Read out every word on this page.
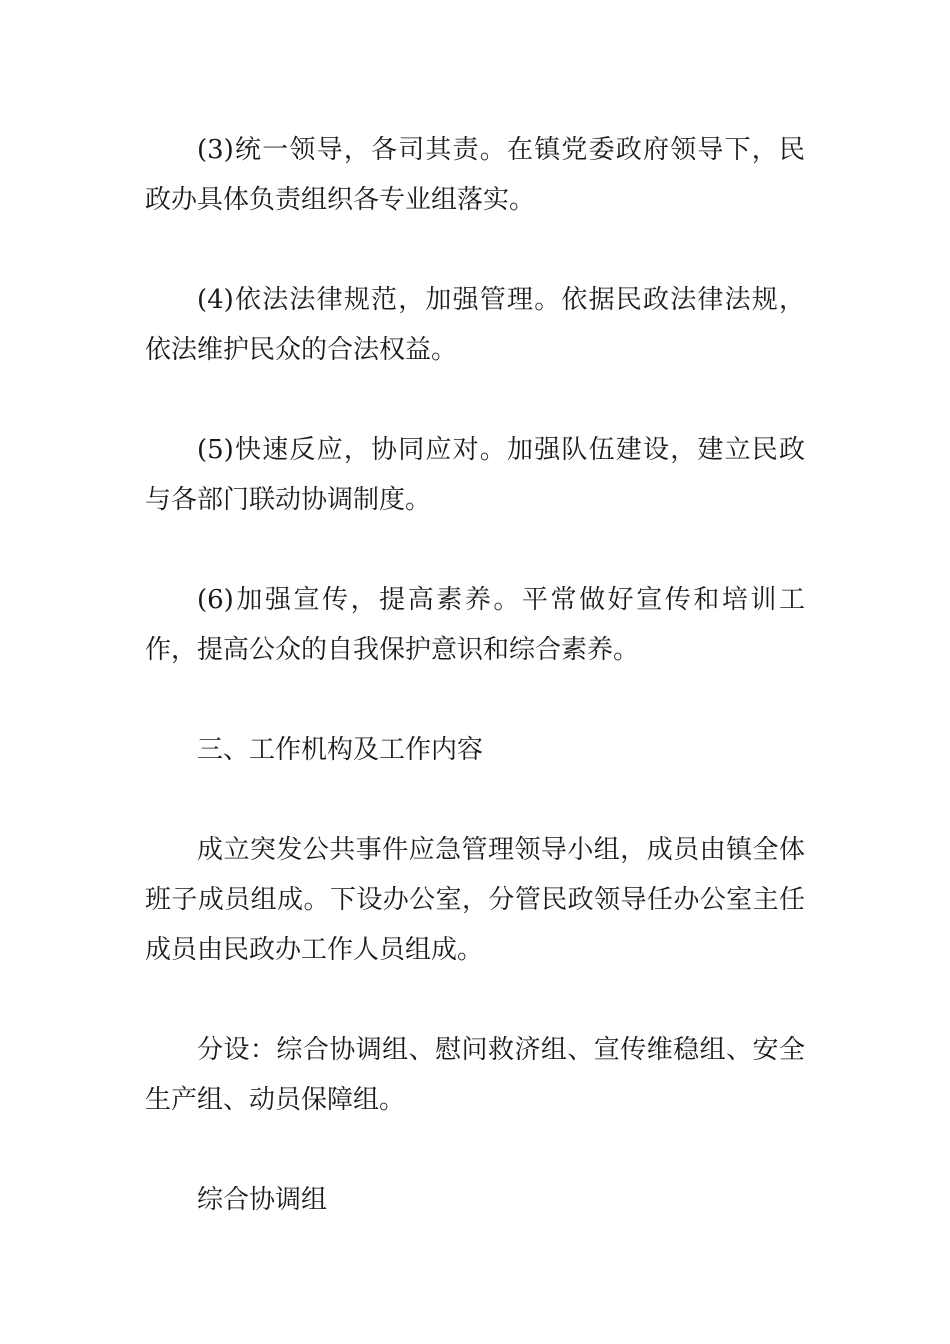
(3)统一领导，各司其责。在镇党委政府领导下，民政办具体负责组织各专业组落实。

(4)依法法律规范，加强管理。依据民政法律法规，依法维护民众的合法权益。

(5)快速反应，协同应对。加强队伍建设，建立民政与各部门联动协调制度。

(6)加强宣传，提高素养。平常做好宣传和培训工作，提高公众的自我保护意识和综合素养。

三、工作机构及工作内容

成立突发公共事件应急管理领导小组，成员由镇全体班子成员组成。下设办公室，分管民政领导任办公室主任成员由民政办工作人员组成。

分设：综合协调组、慰问救济组、宣传维稳组、安全生产组、动员保障组。

综合协调组
